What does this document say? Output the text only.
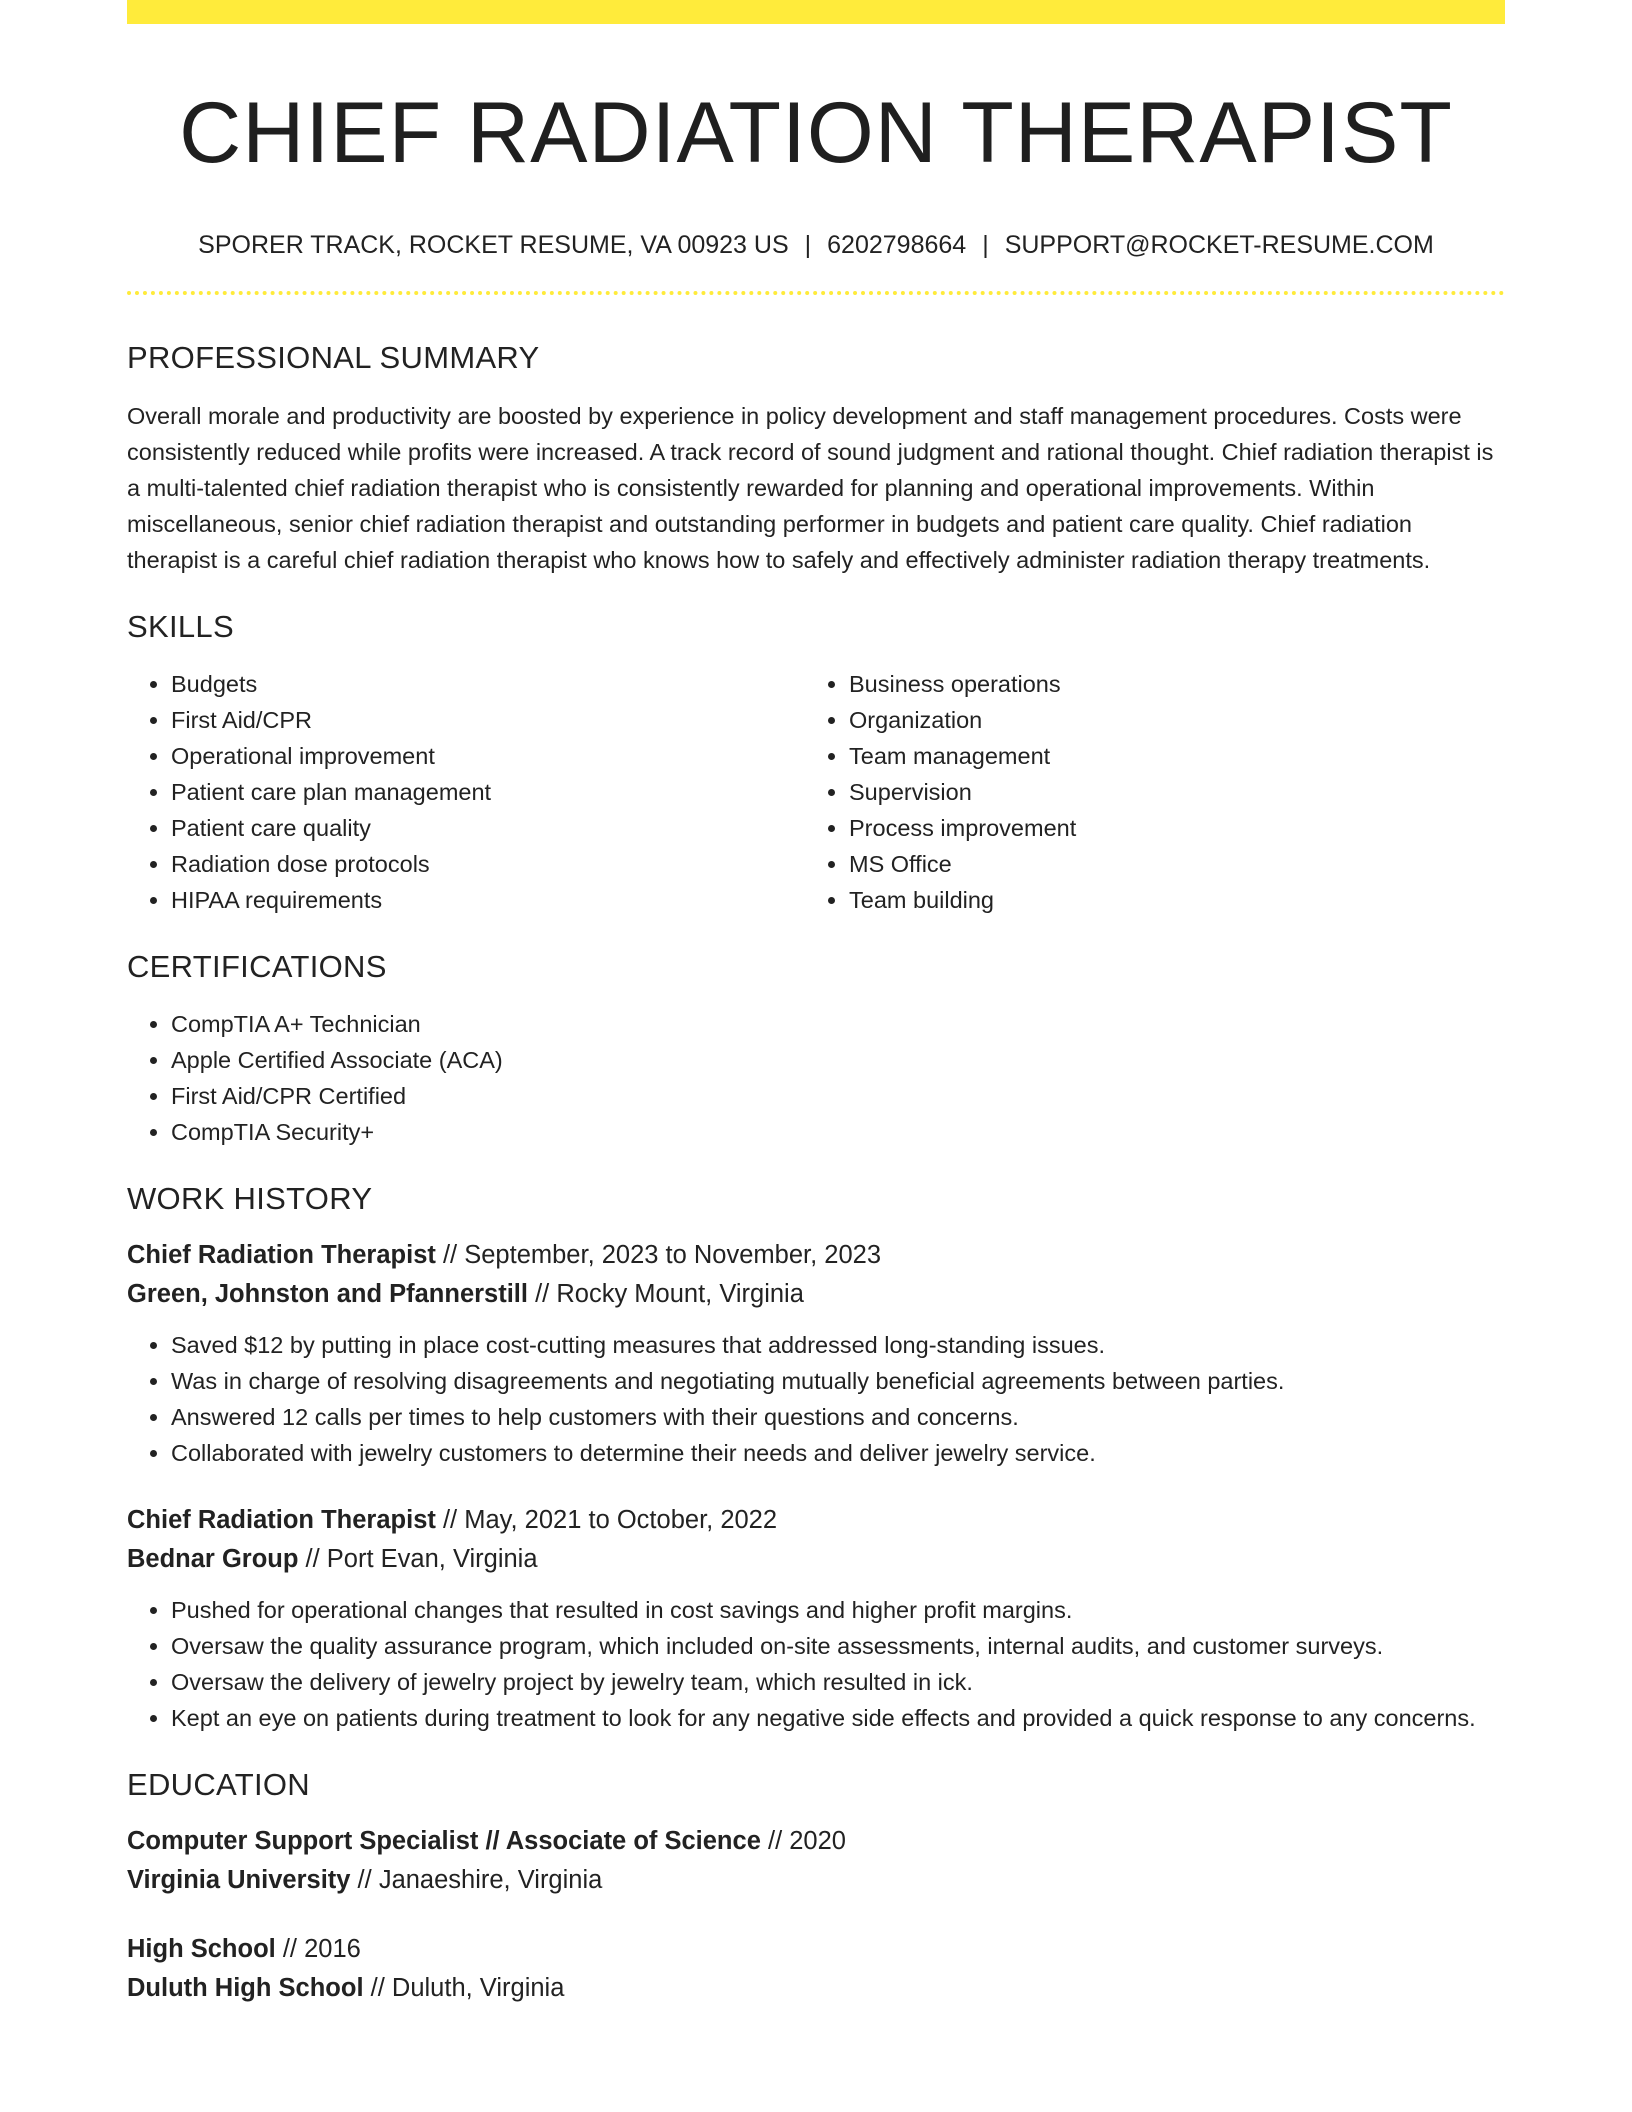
CHIEF RADIATION THERAPIST
SPORER TRACK, ROCKET RESUME, VA 00923 US | 6202798664 | SUPPORT@ROCKET-RESUME.COM
PROFESSIONAL SUMMARY

Overall morale and productivity are boosted by experience in policy development and staff management procedures. Costs were consistently reduced while profits were increased. A track record of sound judgment and rational thought. Chief radiation therapist is a multi-talented chief radiation therapist who is consistently rewarded for planning and operational improvements. Within miscellaneous, senior chief radiation therapist and outstanding performer in budgets and patient care quality. Chief radiation therapist is a careful chief radiation therapist who knows how to safely and effectively administer radiation therapy treatments.

SKILLS
• Budgets
• First Aid/CPR
• Operational improvement
• Patient care plan management
• Patient care quality
• Radiation dose protocols
• HIPAA requirements
• Business operations
• Organization
• Team management
• Supervision
• Process improvement
• MS Office
• Team building
CERTIFICATIONS
• CompTIA A+ Technician
• Apple Certified Associate (ACA)
• First Aid/CPR Certified
• CompTIA Security+
WORK HISTORY

Chief Radiation Therapist // September, 2023 to November, 2023

Green, Johnston and Pfannerstill // Rocky Mount, Virginia

• Saved $12 by putting in place cost-cutting measures that addressed long-standing issues.
• Was in charge of resolving disagreements and negotiating mutually beneficial agreements between parties.
• Answered 12 calls per times to help customers with their questions and concerns.
• Collaborated with jewelry customers to determine their needs and deliver jewelry service.

Chief Radiation Therapist // May, 2021 to October, 2022

Bednar Group // Port Evan, Virginia

• Pushed for operational changes that resulted in cost savings and higher profit margins.
• Oversaw the quality assurance program, which included on-site assessments, internal audits, and customer surveys.
• Oversaw the delivery of jewelry project by jewelry team, which resulted in ick.
• Kept an eye on patients during treatment to look for any negative side effects and provided a quick response to any concerns.
EDUCATION

Computer Support Specialist // Associate of Science // 2020

Virginia University // Janaeshire, Virginia

High School // 2016

Duluth High School // Duluth, Virginia
